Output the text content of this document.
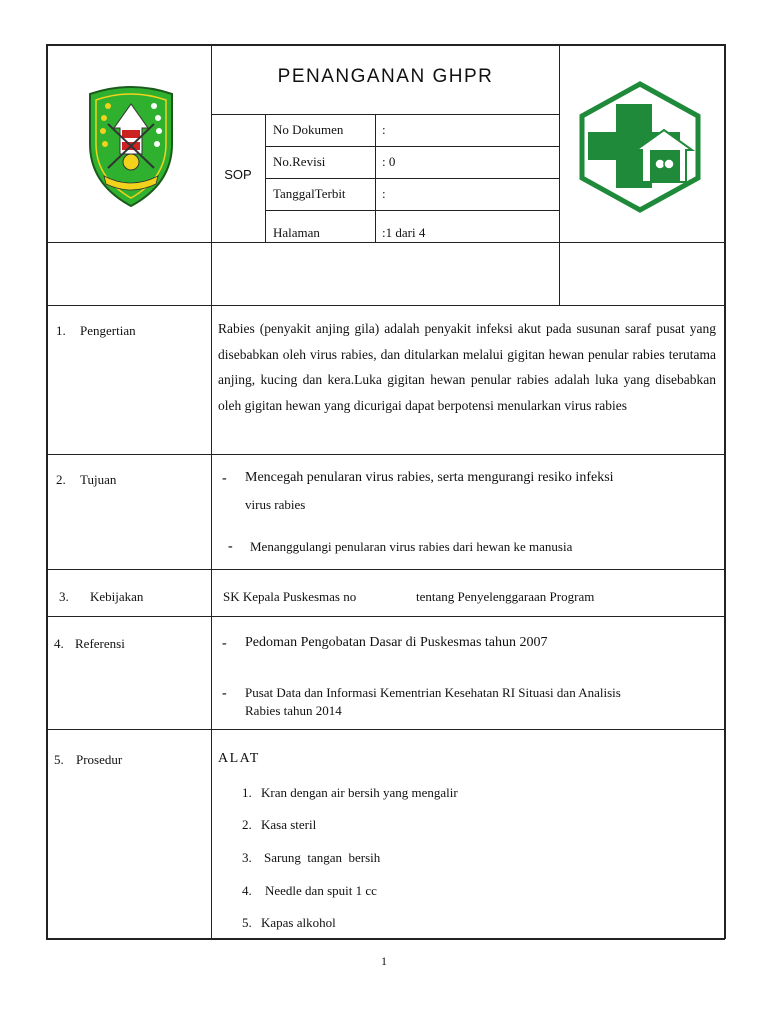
PENANGANAN GHPR
SOP
No Dokumen	:
No.Revisi	: 0
TanggalTerbit	:
Halaman	:1 dari 4
1. Pengertian	Rabies (penyakit anjing gila) adalah penyakit infeksi akut pada susunan saraf pusat yang disebabkan oleh virus rabies, dan ditularkan melalui gigitan hewan penular rabies terutama anjing, kucing dan kera.Luka gigitan hewan penular rabies adalah luka yang disebabkan oleh gigitan hewan yang dicurigai dapat berpotensi menularkan virus rabies
2. Tujuan	- Mencegah penularan virus rabies, serta mengurangi resiko infeksi
virus rabies
- Menanggulangi penularan virus rabies dari hewan ke manusia
3. Kebijakan	SK Kepala Puskesmas no	tentang Penyelenggaraan Program
4. Referensi	- Pedoman Pengobatan Dasar di Puskesmas tahun 2007
- Pusat Data dan Informasi Kementrian Kesehatan RI Situasi dan Analisis
Rabies tahun 2014
5. Prosedur	ALAT
1. Kran dengan air bersih yang mengalir
2. Kasa steril
3. Sarung  tangan  bersih
4. Needle dan spuit 1 cc
5. Kapas alkohol
1
